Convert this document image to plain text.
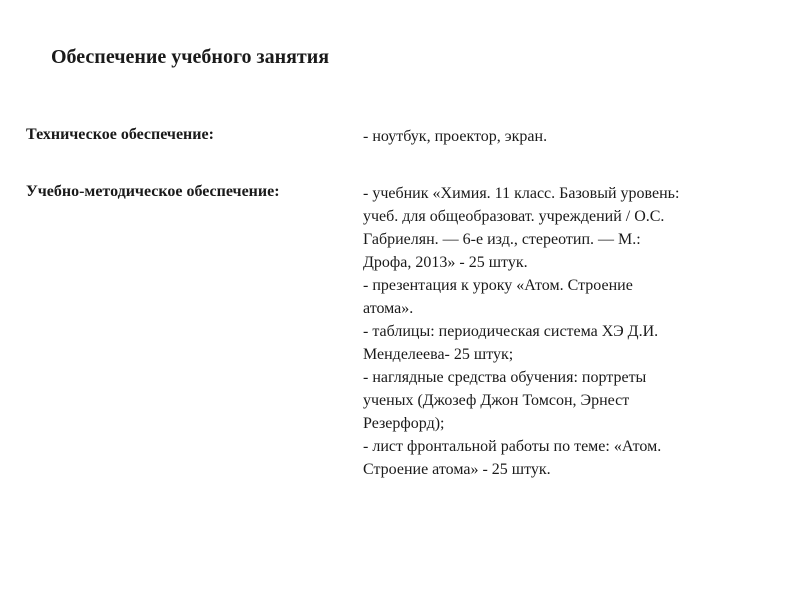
Обеспечение учебного занятия

Техническое обеспечение:	- ноутбук, проектор, экран.

Учебно-методическое обеспечение:	- учебник «Химия. 11 класс. Базовый уровень:
учеб. для общеобразоват. учреждений / О.С.
Габриелян. — 6-е изд., стереотип. — М.:
Дрофа, 2013» - 25 штук.
- презентация к уроку «Атом. Строение
атома».
- таблицы: периодическая система ХЭ Д.И.
Менделеева- 25 штук;
- наглядные средства обучения: портреты
ученых (Джозеф Джон Томсон, Эрнест
Резерфорд);
- лист фронтальной работы по теме: «Атом.
Строение атома» - 25 штук.
